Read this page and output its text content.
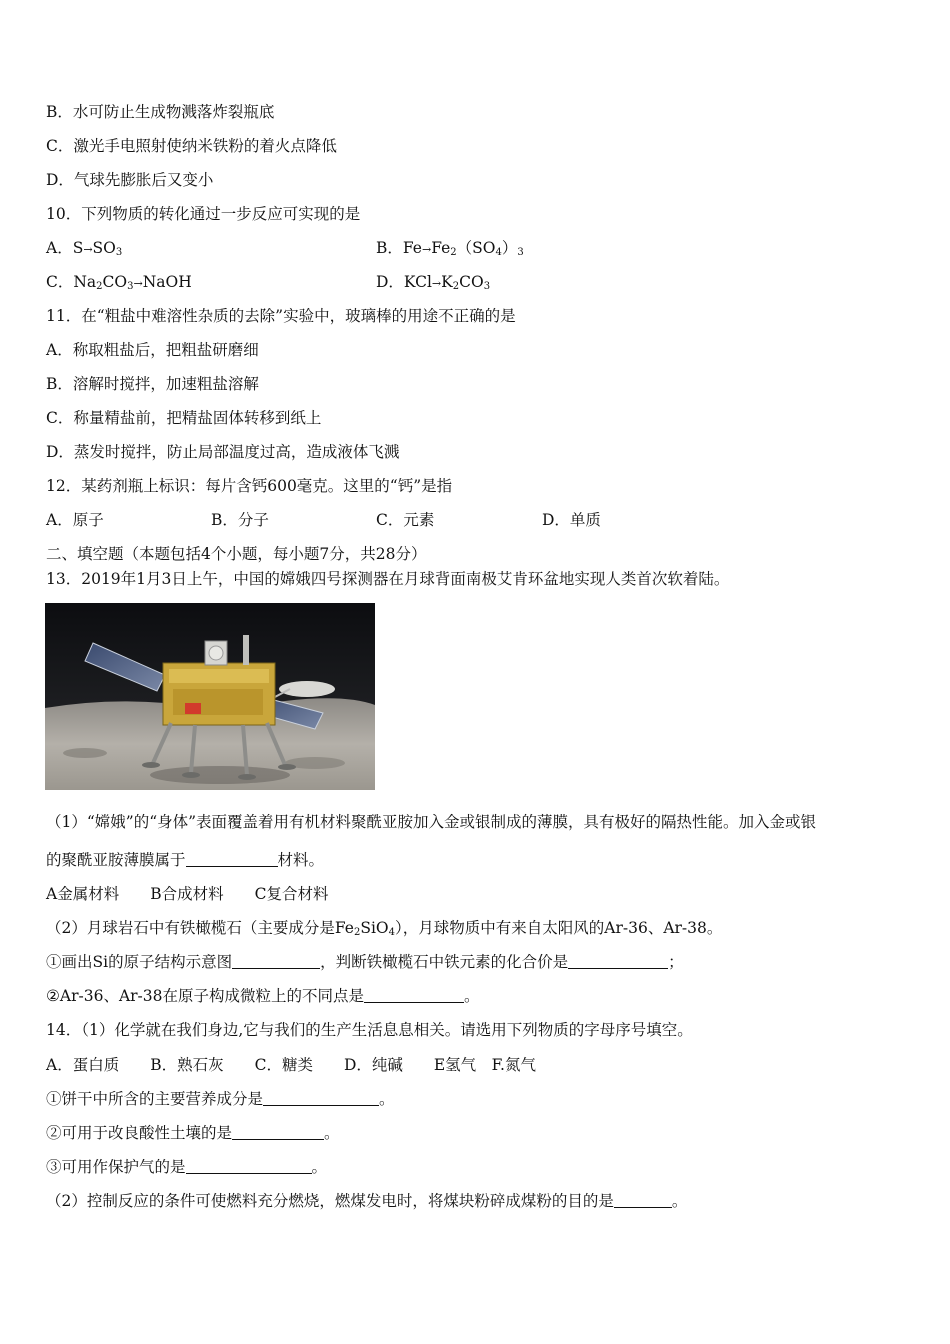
B．水可防止生成物溅落炸裂瓶底
C．激光手电照射使纳米铁粉的着火点降低
D．气球先膨胀后又变小
10．下列物质的转化通过一步反应可实现的是
A．$S\to SO_3$	B．$Fe\to Fe_2(SO_4)_3$
C．$Na_2CO_3\to NaOH$	D．$KCl\to K_2CO_3$
11．在“粗盐中难溶性杂质的去除”实验中，玻璃棒的用途不正确的是
A．称取粗盐后，把粗盐研磨细
B．溶解时搅拌，加速粗盐溶解
C．称量精盐前，把精盐固体转移到纸上
D．蒸发时搅拌，防止局部温度过高，造成液体飞溅
12．某药剂瓶上标识：每片含钙600毫克。这里的“钙”是指
A．原子	B．分子	C．元素	D．单质
二、填空题（本题包括4个小题，每小题7分，共28分）
13．2019年1月3日上午，中国的嫦娥四号探测器在月球背面南极艾肯环盆地实现人类首次软着陆。
（1）“嫦娥”的“身体”表面覆盖着用有机材料聚酰亚胺加入金或银制成的薄膜，具有极好的隔热性能。加入金或银
的聚酰亚胺薄膜属于	材料。
A金属材料　　B合成材料　　C复合材料
（2）月球岩石中有铁橄榄石（主要成分是$Fe_2SiO_4$），月球物质中有来自太阳风的Ar-36、Ar-38。
①画出Si的原子结构示意图	，判断铁橄榄石中铁元素的化合价是	；
②Ar-36、Ar-38在原子构成微粒上的不同点是	。
14．（1）化学就在我们身边,它与我们的生产生活息息相关。请选用下列物质的字母序号填空。
A．蛋白质　　B．熟石灰　　C．糖类　　D．纯碱　　E氢气　F.氮气
①饼干中所含的主要营养成分是	。
②可用于改良酸性土壤的是	。
③可用作保护气的是	。
（2）控制反应的条件可使燃料充分燃烧，燃煤发电时，将煤块粉碎成煤粉的目的是	。
